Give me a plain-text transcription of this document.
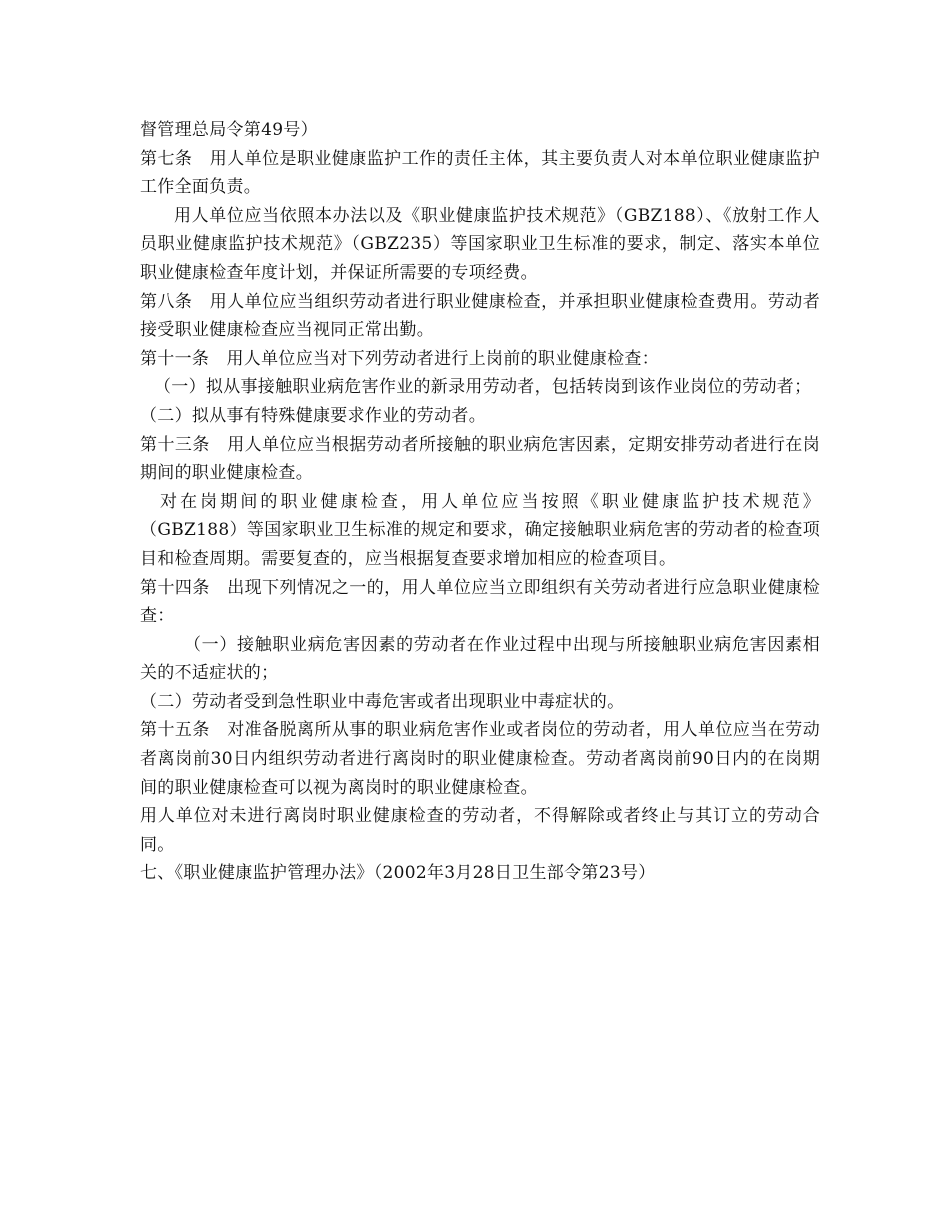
督管理总局令第49号）

第七条　用人单位是职业健康监护工作的责任主体，其主要负责人对本单位职业健康监护工作全面负责。

用人单位应当依照本办法以及《职业健康监护技术规范》（GBZ188）、《放射工作人员职业健康监护技术规范》（GBZ235）等国家职业卫生标准的要求，制定、落实本单位职业健康检查年度计划，并保证所需要的专项经费。

第八条　用人单位应当组织劳动者进行职业健康检查，并承担职业健康检查费用。劳动者接受职业健康检查应当视同正常出勤。

第十一条　用人单位应当对下列劳动者进行上岗前的职业健康检查：

（一）拟从事接触职业病危害作业的新录用劳动者，包括转岗到该作业岗位的劳动者；

（二）拟从事有特殊健康要求作业的劳动者。

第十三条　用人单位应当根据劳动者所接触的职业病危害因素，定期安排劳动者进行在岗期间的职业健康检查。

对在岗期间的职业健康检查，用人单位应当按照《职业健康监护技术规范》（GBZ188）等国家职业卫生标准的规定和要求，确定接触职业病危害的劳动者的检查项目和检查周期。需要复查的，应当根据复查要求增加相应的检查项目。

第十四条　出现下列情况之一的，用人单位应当立即组织有关劳动者进行应急职业健康检查：

（一）接触职业病危害因素的劳动者在作业过程中出现与所接触职业病危害因素相关的不适症状的；

（二）劳动者受到急性职业中毒危害或者出现职业中毒症状的。

第十五条　对准备脱离所从事的职业病危害作业或者岗位的劳动者，用人单位应当在劳动者离岗前30日内组织劳动者进行离岗时的职业健康检查。劳动者离岗前90日内的在岗期间的职业健康检查可以视为离岗时的职业健康检查。

用人单位对未进行离岗时职业健康检查的劳动者，不得解除或者终止与其订立的劳动合同。

七、《职业健康监护管理办法》（2002年3月28日卫生部令第23号）
